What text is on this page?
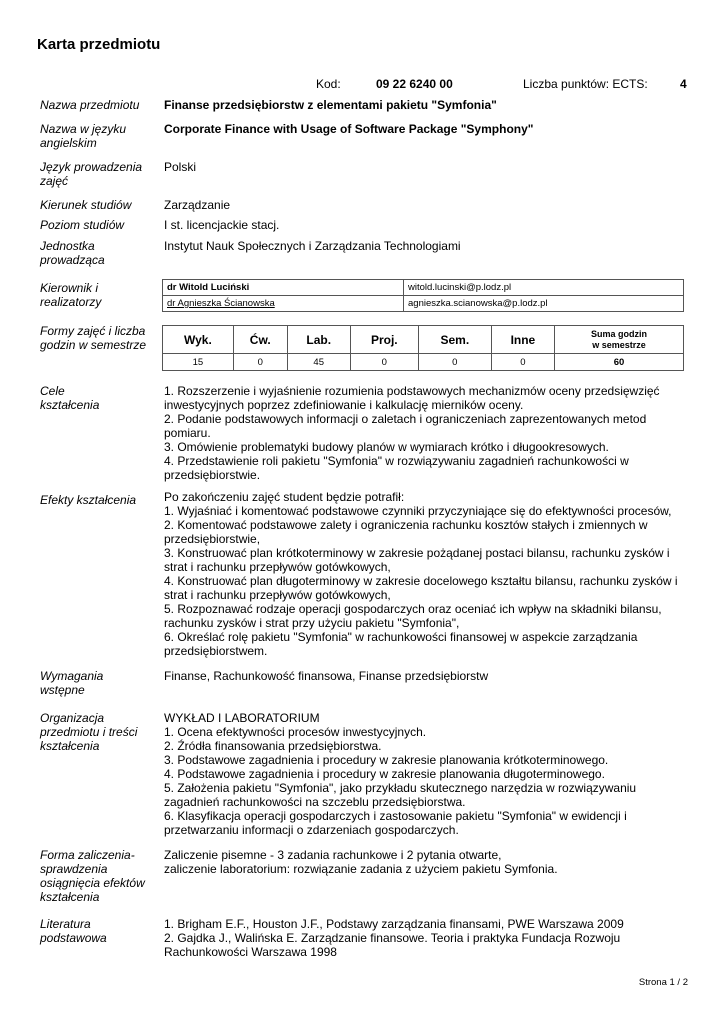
Karta przedmiotu
Kod:	09 22 6240 00	Liczba punktów: ECTS:	4
Nazwa przedmiotu	Finanse przedsiębiorstw z elementami pakietu "Symfonia"
Nazwa w języku angielskim
Corporate Finance with Usage of Software Package "Symphony"
Język prowadzenia zajęć
Polski
Kierunek studiów	Zarządzanie
Poziom studiów	I st. licencjackie stacj.
Jednostka prowadząca
Instytut Nauk Społecznych i Zarządzania Technologiami
Kierownik i realizatorzy
dr Witold Luciński	witold.lucinski@p.lodz.pl
dr Agnieszka Ścianowska	agnieszka.scianowska@p.lodz.pl
Formy zajęć i liczba godzin w semestrze	Wyk.	Ćw.	Lab.	Proj.	Sem.	Inne	Suma godzin
w semestrze

15	0	45	0	0	0	60
Cele kształcenia
1. Rozszerzenie i wyjaśnienie rozumienia podstawowych mechanizmów oceny przedsięwzięć
inwestycyjnych poprzez zdefiniowanie i kalkulację mierników oceny.
2. Podanie podstawowych informacji o zaletach i ograniczeniach zaprezentowanych metod
pomiaru.
3. Omówienie problematyki budowy planów w wymiarach krótko i długookresowych.
4. Przedstawienie roli pakietu "Symfonia" w rozwiązywaniu zagadnień rachunkowości w
przedsiębiorstwie.
Efekty kształcenia	Po zakończeniu zajęć student będzie potrafił:
1. Wyjaśniać i komentować podstawowe czynniki przyczyniające się do efektywności procesów,
2. Komentować podstawowe zalety i ograniczenia rachunku kosztów stałych i zmiennych w
przedsiębiorstwie,
3. Konstruować plan krótkoterminowy w zakresie pożądanej postaci bilansu, rachunku zysków i
strat i rachunku przepływów gotówkowych,
4. Konstruować plan długoterminowy w zakresie docelowego kształtu bilansu, rachunku zysków i
strat i rachunku przepływów gotówkowych,
5. Rozpoznawać rodzaje operacji gospodarczych oraz oceniać ich wpływ na składniki bilansu,
rachunku zysków i strat przy użyciu pakietu "Symfonia",
6. Określać rolę pakietu "Symfonia" w rachunkowości finansowej w aspekcie zarządzania
przedsiębiorstwem.
Wymagania wstępne
Finanse, Rachunkowość finansowa, Finanse przedsiębiorstw
Organizacja przedmiotu i treści kształcenia
WYKŁAD I LABORATORIUM
1. Ocena efektywności procesów inwestycyjnych.
2. Źródła finansowania przedsiębiorstwa.
3. Podstawowe zagadnienia i procedury w zakresie planowania krótkoterminowego.
4. Podstawowe zagadnienia i procedury w zakresie planowania długoterminowego.
5. Założenia pakietu "Symfonia", jako przykładu skutecznego narzędzia w rozwiązywaniu
zagadnień rachunkowości na szczeblu przedsiębiorstwa.
6. Klasyfikacja operacji gospodarczych i zastosowanie pakietu "Symfonia" w ewidencji i
przetwarzaniu informacji o zdarzeniach gospodarczych.
Forma zaliczenia-sprawdzenia osiągnięcia efektów kształcenia
Zaliczenie pisemne - 3 zadania rachunkowe i 2 pytania otwarte,
zaliczenie laboratorium: rozwiązanie zadania z użyciem pakietu Symfonia.
Literatura podstawowa
1. Brigham E.F., Houston J.F., Podstawy zarządzania finansami, PWE Warszawa 2009
2. Gajdka J., Walińska E. Zarządzanie finansowe. Teoria i praktyka Fundacja Rozwoju
Rachunkowości Warszawa 1998
Strona 1 / 2
